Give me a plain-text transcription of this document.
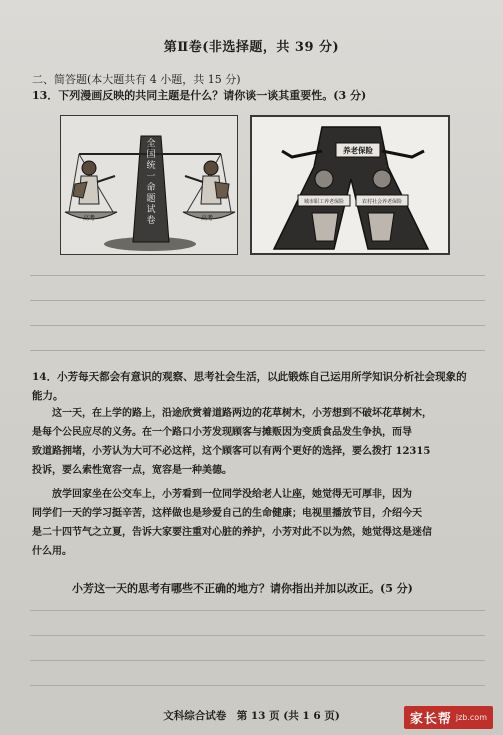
第Ⅱ卷(非选择题，共 39 分)
二、简答题(本大题共有 4 小题，共 15 分)
13．下列漫画反映的共同主题是什么？请你谈一谈其重要性。(3 分)
高考	高考
全
国
统
一
命
题
试
卷
养老保险
城市职工养老保险	农村社会养老保险
14．小芳每天都会有意识的观察、思考社会生活，以此锻炼自己运用所学知识分析社会现象的
能力。
这一天，在上学的路上，沿途欣赏着道路两边的花草树木，小芳想到不破坏花草树木，
是每个公民应尽的义务。在一个路口小芳发现顾客与摊贩因为变质食品发生争执，而导
致道路拥堵，小芳认为大可不必这样，这个顾客可以有两个更好的选择，要么拨打 12315
投诉，要么索性宽容一点，宽容是一种美德。
放学回家坐在公交车上，小芳看到一位同学没给老人让座，她觉得无可厚非，因为
同学们一天的学习挺辛苦，这样做也是珍爱自己的生命健康；电视里播放节目，介绍今天
是二十四节气之立夏，告诉大家要注重对心脏的养护，小芳对此不以为然，她觉得这是迷信
什么用。
小芳这一天的思考有哪些不正确的地方？请你指出并加以改正。(5 分)
文科综合试卷　第 13 页 (共 1 6 页)	家长帮 jzb.com
